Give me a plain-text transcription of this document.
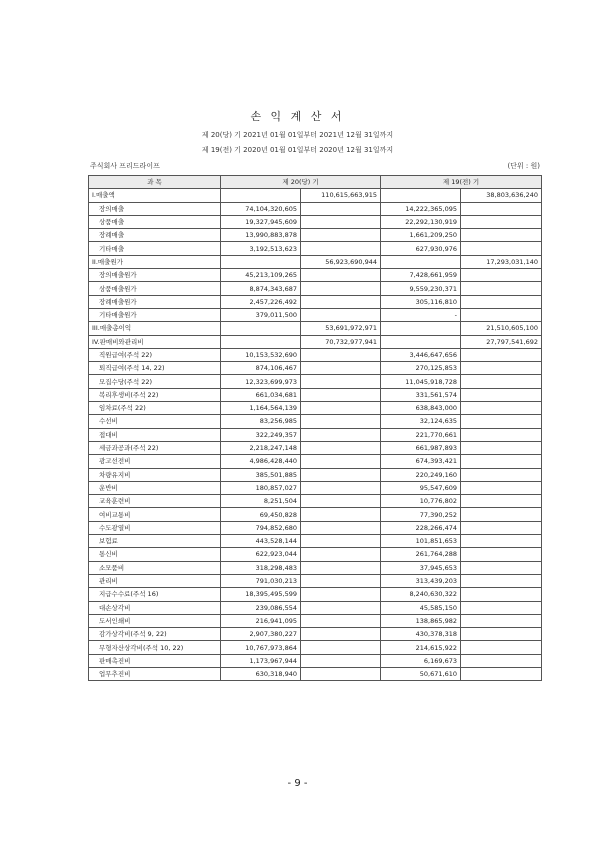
손 익 계 산 서
제 20(당) 기 2021년 01월 01일부터 2021년 12월 31일까지
제 19(전) 기 2020년 01월 01일부터 2020년 12월 31일까지
주식회사 프리드라이프	(단위 : 원)
과 목	제 20(당) 기		제 19(전) 기	
I.매출액		110,615,663,915		38,803,636,240
장의매출	74,104,320,605		14,222,365,095	
상품매출	19,327,945,609		22,292,130,919	
장례매출	13,990,883,878		1,661,209,250	
기타매출	3,192,513,623		627,930,976	
II.매출원가		56,923,690,944		17,293,031,140
장의매출원가	45,213,109,265		7,428,661,959	
상품매출원가	8,874,343,687		9,559,230,371	
장례매출원가	2,457,226,492		305,116,810	
기타매출원가	379,011,500		-	
III.매출총이익		53,691,972,971		21,510,605,100
IV.판매비와관리비		70,732,977,941		27,797,541,692
직원급여(주석 22)	10,153,532,690		3,446,647,656	
퇴직급여(주석 14, 22)	874,106,467		270,125,853	
모집수당(주석 22)	12,323,699,973		11,045,918,728	
복리후생비(주석 22)	661,034,681		331,561,574	
임차료(주석 22)	1,164,564,139		638,843,000	
수선비	83,256,985		32,124,635	
접대비	322,249,357		221,770,661	
세금과공과(주석 22)	2,218,247,148		661,987,893	
광고선전비	4,986,428,440		674,393,421	
차량유지비	385,501,885		220,249,160	
운반비	180,857,027		95,547,609	
교육훈련비	8,251,504		10,776,802	
여비교통비	69,450,828		77,390,252	
수도광열비	794,852,680		228,266,474	
보험료	443,528,144		101,851,653	
통신비	622,923,044		261,764,288	
소모품비	318,298,483		37,945,653	
관리비	791,030,213		313,439,203	
지급수수료(주석 16)	18,395,495,599		8,240,630,322	
대손상각비	239,086,554		45,585,150	
도서인쇄비	216,941,095		138,865,982	
감가상각비(주석 9, 22)	2,907,380,227		430,378,318	
무형자산상각비(주석 10, 22)	10,767,973,864		214,615,922	
판매촉진비	1,173,967,944		6,169,673	
업무추진비	630,318,940		50,671,610	
- 9 -
